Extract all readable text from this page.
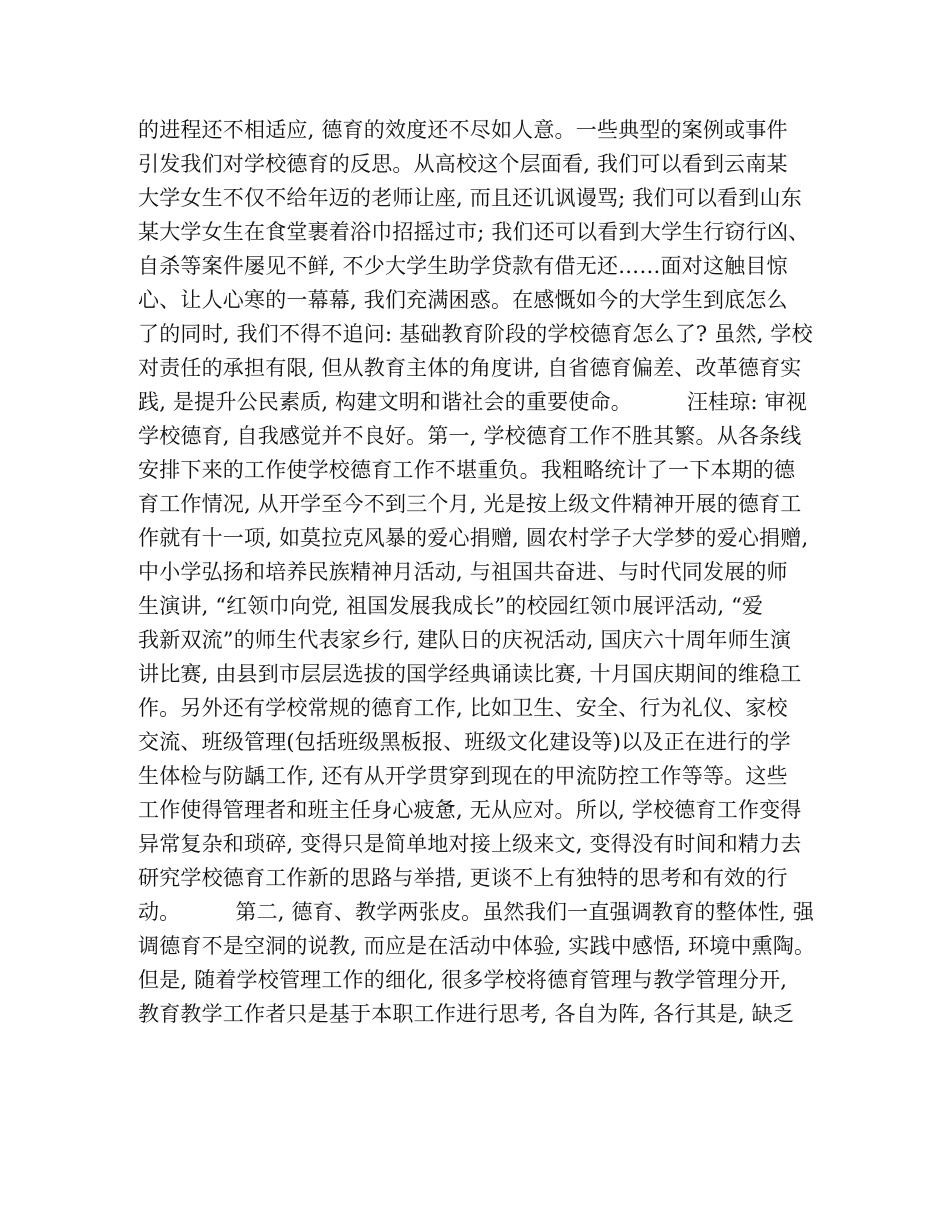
的进程还不相适应, 德育的效度还不尽如人意。一些典型的案例或事件
引发我们对学校德育的反思。从高校这个层面看, 我们可以看到云南某
大学女生不仅不给年迈的老师让座, 而且还讥讽谩骂; 我们可以看到山东
某大学女生在食堂裹着浴巾招摇过市; 我们还可以看到大学生行窃行凶、
自杀等案件屡见不鲜, 不少大学生助学贷款有借无还……面对这触目惊
心、让人心寒的一幕幕, 我们充满困惑。在感慨如今的大学生到底怎么
了的同时, 我们不得不追问: 基础教育阶段的学校德育怎么了? 虽然, 学校
对责任的承担有限, 但从教育主体的角度讲, 自省德育偏差、改革德育实
践, 是提升公民素质, 构建文明和谐社会的重要使命。        汪桂琼: 审视
学校德育, 自我感觉并不良好。第一, 学校德育工作不胜其繁。从各条线
安排下来的工作使学校德育工作不堪重负。我粗略统计了一下本期的德
育工作情况, 从开学至今不到三个月, 光是按上级文件精神开展的德育工
作就有十一项, 如莫拉克风暴的爱心捐赠, 圆农村学子大学梦的爱心捐赠,
中小学弘扬和培养民族精神月活动, 与祖国共奋进、与时代同发展的师
生演讲, “红领巾向党, 祖国发展我成长”的校园红领巾展评活动, “爱
我新双流”的师生代表家乡行, 建队日的庆祝活动, 国庆六十周年师生演
讲比赛, 由县到市层层选拔的国学经典诵读比赛, 十月国庆期间的维稳工
作。另外还有学校常规的德育工作, 比如卫生、安全、行为礼仪、家校
交流、班级管理(包括班级黑板报、班级文化建设等)以及正在进行的学
生体检与防龋工作, 还有从开学贯穿到现在的甲流防控工作等等。这些
工作使得管理者和班主任身心疲惫, 无从应对。所以, 学校德育工作变得
异常复杂和琐碎, 变得只是简单地对接上级来文, 变得没有时间和精力去
研究学校德育工作新的思路与举措, 更谈不上有独特的思考和有效的行
动。        第二, 德育、教学两张皮。虽然我们一直强调教育的整体性, 强
调德育不是空洞的说教, 而应是在活动中体验, 实践中感悟, 环境中熏陶。
但是, 随着学校管理工作的细化, 很多学校将德育管理与教学管理分开,
教育教学工作者只是基于本职工作进行思考, 各自为阵, 各行其是, 缺乏
